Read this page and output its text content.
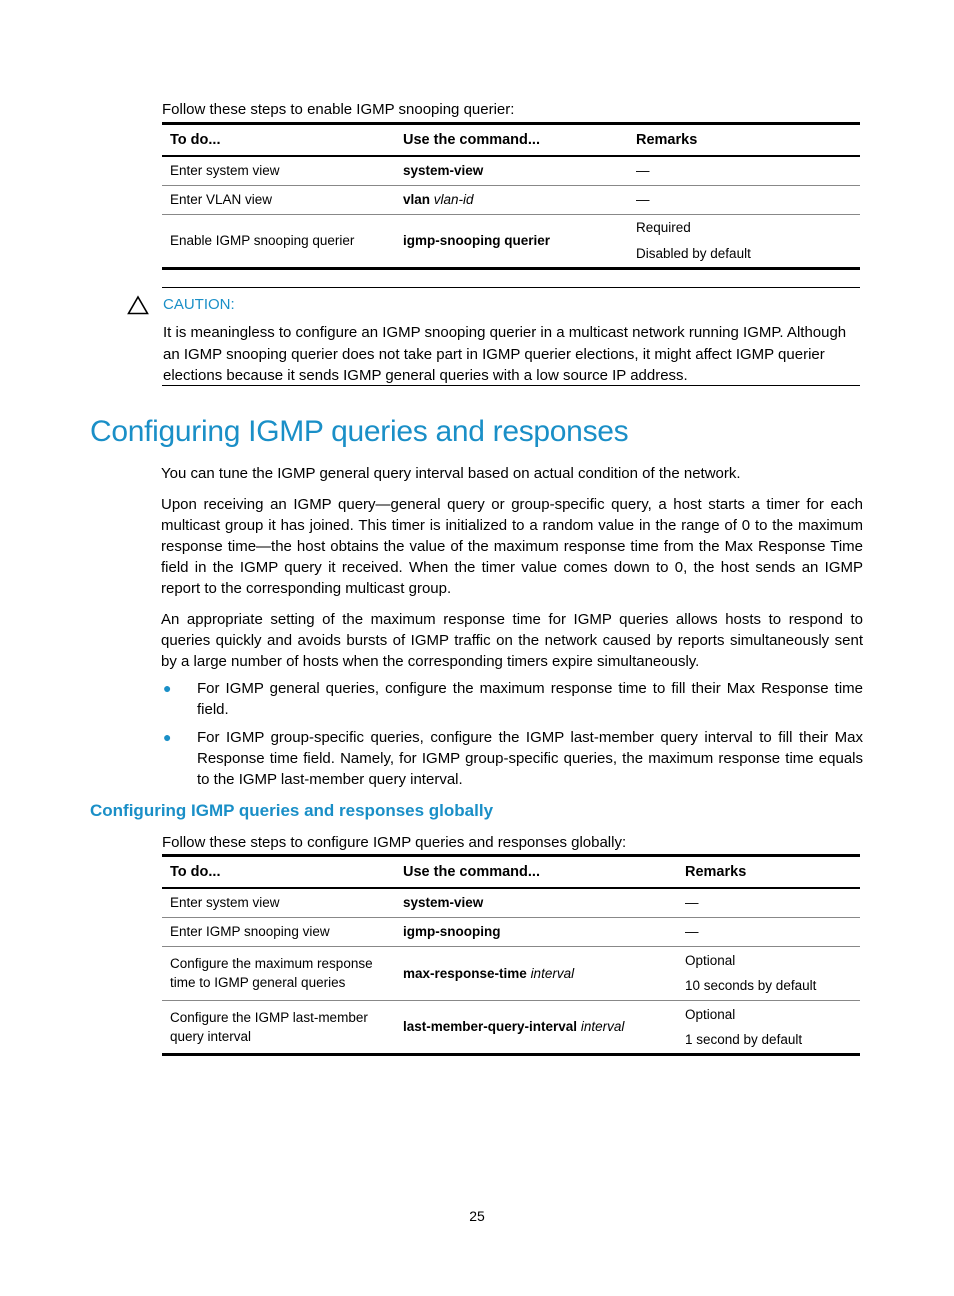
Follow these steps to enable IGMP snooping querier:
To do...	Use the command...	Remarks
Enter system view	system-view	—
Enter VLAN view	vlan vlan-id	—
Enable IGMP snooping querier	igmp-snooping querier	Required
Disabled by default
CAUTION:
It is meaningless to configure an IGMP snooping querier in a multicast network running IGMP. Although
an IGMP snooping querier does not take part in IGMP querier elections, it might affect IGMP querier
elections because it sends IGMP general queries with a low source IP address.
Configuring IGMP queries and responses
You can tune the IGMP general query interval based on actual condition of the network.
Upon receiving an IGMP query—general query or group-specific query, a host starts a timer for each multicast group it has joined. This timer is initialized to a random value in the range of 0 to the maximum response time—the host obtains the value of the maximum response time from the Max Response Time field in the IGMP query it received. When the timer value comes down to 0, the host sends an IGMP report to the corresponding multicast group.
An appropriate setting of the maximum response time for IGMP queries allows hosts to respond to queries quickly and avoids bursts of IGMP traffic on the network caused by reports simultaneously sent by a large number of hosts when the corresponding timers expire simultaneously.
● For IGMP general queries, configure the maximum response time to fill their Max Response time field.
● For IGMP group-specific queries, configure the IGMP last-member query interval to fill their Max Response time field. Namely, for IGMP group-specific queries, the maximum response time equals to the IGMP last-member query interval.
Configuring IGMP queries and responses globally
Follow these steps to configure IGMP queries and responses globally:
To do...	Use the command...	Remarks
Enter system view	system-view	—
Enter IGMP snooping view	igmp-snooping	—
Configure the maximum response time to IGMP general queries	max-response-time interval	Optional
10 seconds by default

Configure the IGMP last-member query interval	last-member-query-interval interval	Optional
1 second by default
25
